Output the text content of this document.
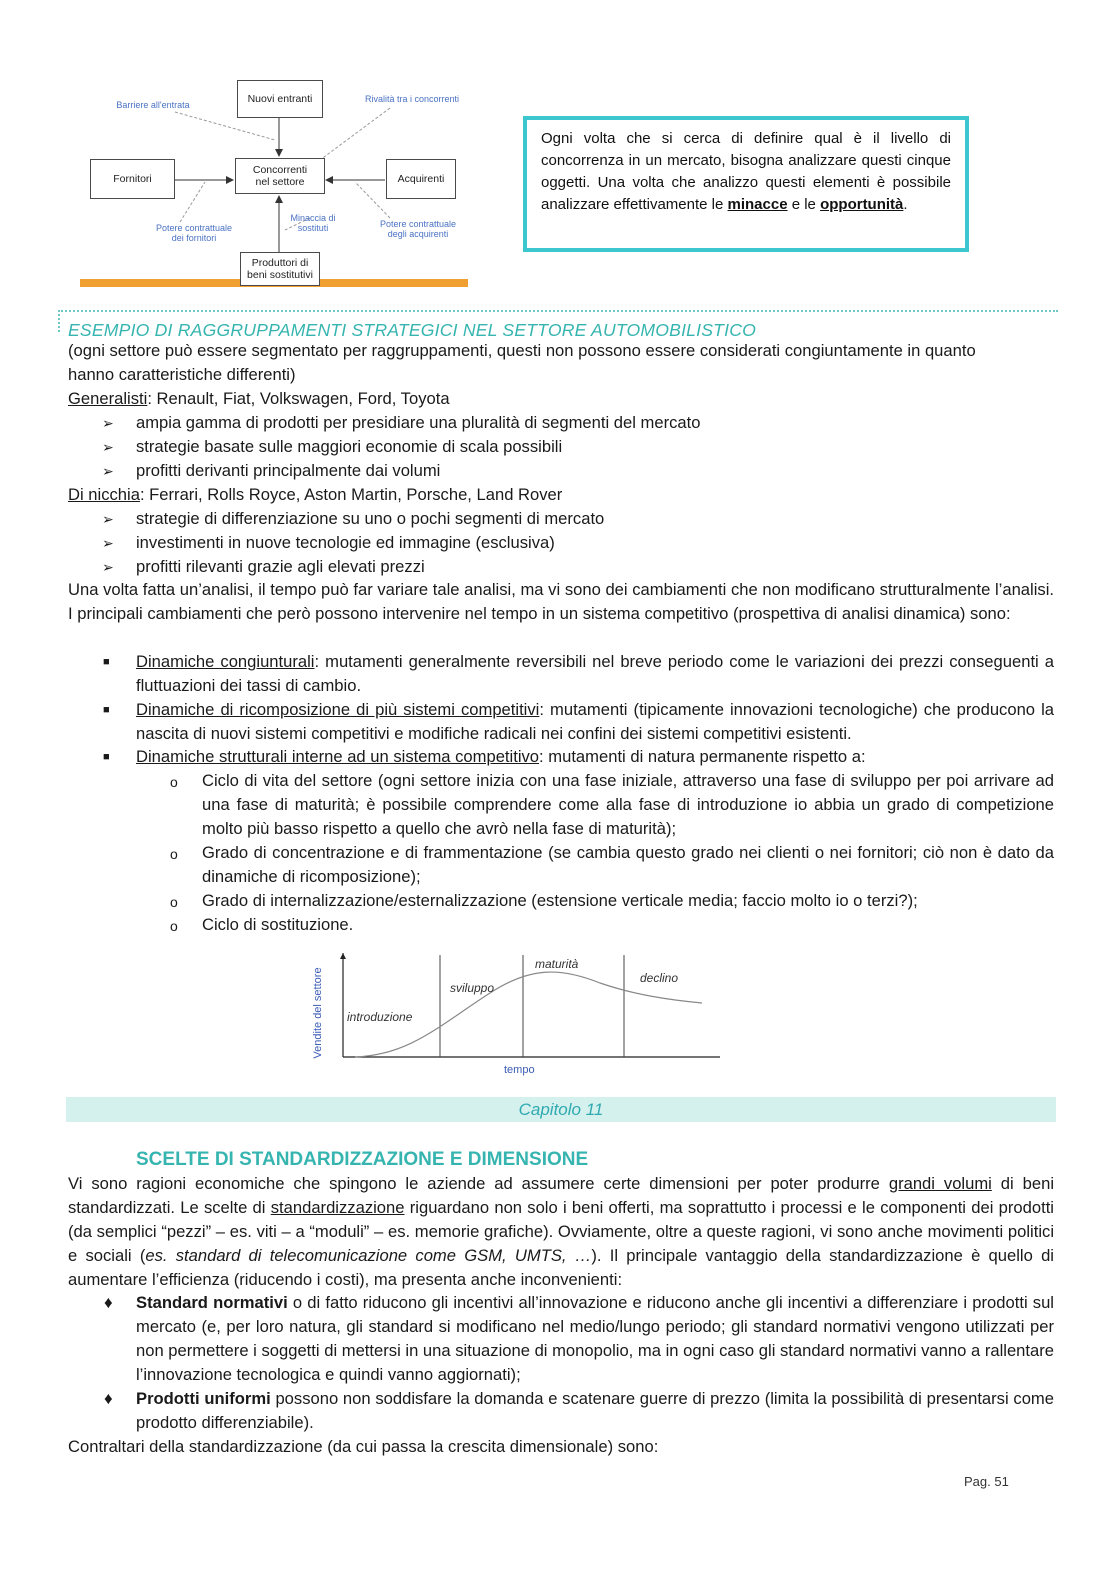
Nuovi entranti
Concorrenti
nel settore
Fornitori	Acquirenti
Produttori di
beni sostitutivi
Barriere all'entrata
Rivalità tra i concorrenti
Potere contrattuale
dei fornitori
Minaccia di
sostituti	Potere contrattuale
degli acquirenti
Ogni volta che si cerca di definire qual è il livello di concorrenza in un mercato, bisogna analizzare questi cinque oggetti. Una volta che analizzo questi elementi è possibile analizzare effettivamente le minacce e le opportunità.
ESEMPIO DI RAGGRUPPAMENTI STRATEGICI NEL SETTORE AUTOMOBILISTICO
(ogni settore può essere segmentato per raggruppamenti, questi non possono essere considerati congiuntamente in quanto
hanno caratteristiche differenti)
Generalisti: Renault, Fiat, Volkswagen, Ford, Toyota
➢ ampia gamma di prodotti per presidiare una pluralità di segmenti del mercato
➢ strategie basate sulle maggiori economie di scala possibili
➢ profitti derivanti principalmente dai volumi
Di nicchia: Ferrari, Rolls Royce, Aston Martin, Porsche, Land Rover
➢ strategie di differenziazione su uno o pochi segmenti di mercato
➢ investimenti in nuove tecnologie ed immagine (esclusiva)
➢ profitti rilevanti grazie agli elevati prezzi
Una volta fatta un’analisi, il tempo può far variare tale analisi, ma vi sono dei cambiamenti che non modificano strutturalmente l’analisi. I principali cambiamenti che però possono intervenire nel tempo in un sistema competitivo (prospettiva di analisi dinamica) sono:
■ Dinamiche congiunturali: mutamenti generalmente reversibili nel breve periodo come le variazioni dei prezzi conseguenti a fluttuazioni dei tassi di cambio.
■ Dinamiche di ricomposizione di più sistemi competitivi: mutamenti (tipicamente innovazioni tecnologiche) che producono la nascita di nuovi sistemi competitivi e modifiche radicali nei confini dei sistemi competitivi esistenti.
■ Dinamiche strutturali interne ad un sistema competitivo: mutamenti di natura permanente rispetto a:
o Ciclo di vita del settore (ogni settore inizia con una fase iniziale, attraverso una fase di sviluppo per poi arrivare ad una fase di maturità; è possibile comprendere come alla fase di introduzione io abbia un grado di competizione molto più basso rispetto a quello che avrò nella fase di maturità);
o Grado di concentrazione e di frammentazione (se cambia questo grado nei clienti o nei fornitori; ciò non è dato da dinamiche di ricomposizione);
o Grado di internalizzazione/esternalizzazione (estensione verticale media; faccio molto io o terzi?);
o Ciclo di sostituzione.
Vendite del settore
tempo
introduzione
sviluppo
maturità
declino
Capitolo 11
SCELTE DI STANDARDIZZAZIONE E DIMENSIONE
Vi sono ragioni economiche che spingono le aziende ad assumere certe dimensioni per poter produrre grandi volumi di beni standardizzati. Le scelte di standardizzazione riguardano non solo i beni offerti, ma soprattutto i processi e le componenti dei prodotti (da semplici “pezzi” – es. viti – a “moduli” – es. memorie grafiche). Ovviamente, oltre a queste ragioni, vi sono anche movimenti politici e sociali (es. standard di telecomunicazione come GSM, UMTS, …). Il principale vantaggio della standardizzazione è quello di aumentare l’efficienza (riducendo i costi), ma presenta anche inconvenienti:
♦ Standard normativi o di fatto riducono gli incentivi all’innovazione e riducono anche gli incentivi a differenziare i prodotti sul mercato (e, per loro natura, gli standard si modificano nel medio/lungo periodo; gli standard normativi vengono utilizzati per non permettere i soggetti di mettersi in una situazione di monopolio, ma in ogni caso gli standard normativi vanno a rallentare l’innovazione tecnologica e quindi vanno aggiornati);
♦ Prodotti uniformi possono non soddisfare la domanda e scatenare guerre di prezzo (limita la possibilità di presentarsi come prodotto differenziabile).
Contraltari della standardizzazione (da cui passa la crescita dimensionale) sono:
Pag. 51
